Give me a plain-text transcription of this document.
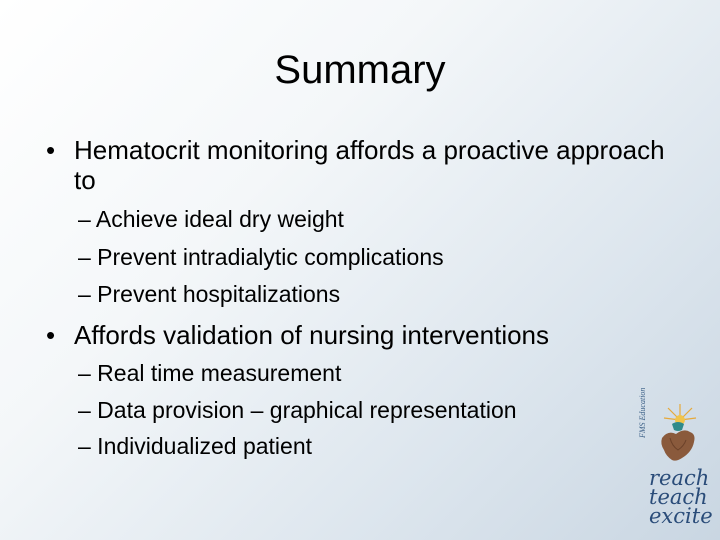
Summary
• Hematocrit monitoring affords a proactive approach to
– Achieve ideal dry weight
– Prevent intradialytic complications
– Prevent hospitalizations
• Affords validation of nursing interventions
– Real time measurement
– Data provision – graphical representation
– Individualized patient
FMS Education
reach
teach
excite
